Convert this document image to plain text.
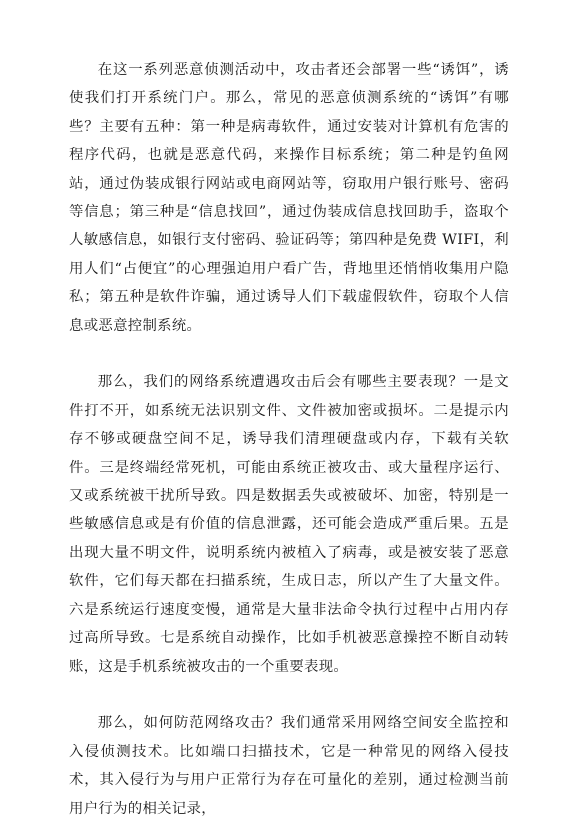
在这一系列恶意侦测活动中，攻击者还会部署一些“诱饵”，诱使我们打开系统门户。那么，常见的恶意侦测系统的“诱饵”有哪些？主要有五种：第一种是病毒软件，通过安装对计算机有危害的程序代码，也就是恶意代码，来操作目标系统；第二种是钓鱼网站，通过伪装成银行网站或电商网站等，窃取用户银行账号、密码等信息；第三种是“信息找回”，通过伪装成信息找回助手，盗取个人敏感信息，如银行支付密码、验证码等；第四种是免费 WIFI，利用人们“占便宜”的心理强迫用户看广告，背地里还悄悄收集用户隐私；第五种是软件诈骗，通过诱导人们下载虚假软件，窃取个人信息或恶意控制系统。

那么，我们的网络系统遭遇攻击后会有哪些主要表现？一是文件打不开，如系统无法识别文件、文件被加密或损坏。二是提示内存不够或硬盘空间不足，诱导我们清理硬盘或内存，下载有关软件。三是终端经常死机，可能由系统正被攻击、或大量程序运行、又或系统被干扰所导致。四是数据丢失或被破坏、加密，特别是一些敏感信息或是有价值的信息泄露，还可能会造成严重后果。五是出现大量不明文件，说明系统内被植入了病毒，或是被安装了恶意软件，它们每天都在扫描系统，生成日志，所以产生了大量文件。六是系统运行速度变慢，通常是大量非法命令执行过程中占用内存过高所导致。七是系统自动操作，比如手机被恶意操控不断自动转账，这是手机系统被攻击的一个重要表现。

那么，如何防范网络攻击？我们通常采用网络空间安全监控和入侵侦测技术。比如端口扫描技术，它是一种常见的网络入侵技术，其入侵行为与用户正常行为存在可量化的差别，通过检测当前用户行为的相关记录，
